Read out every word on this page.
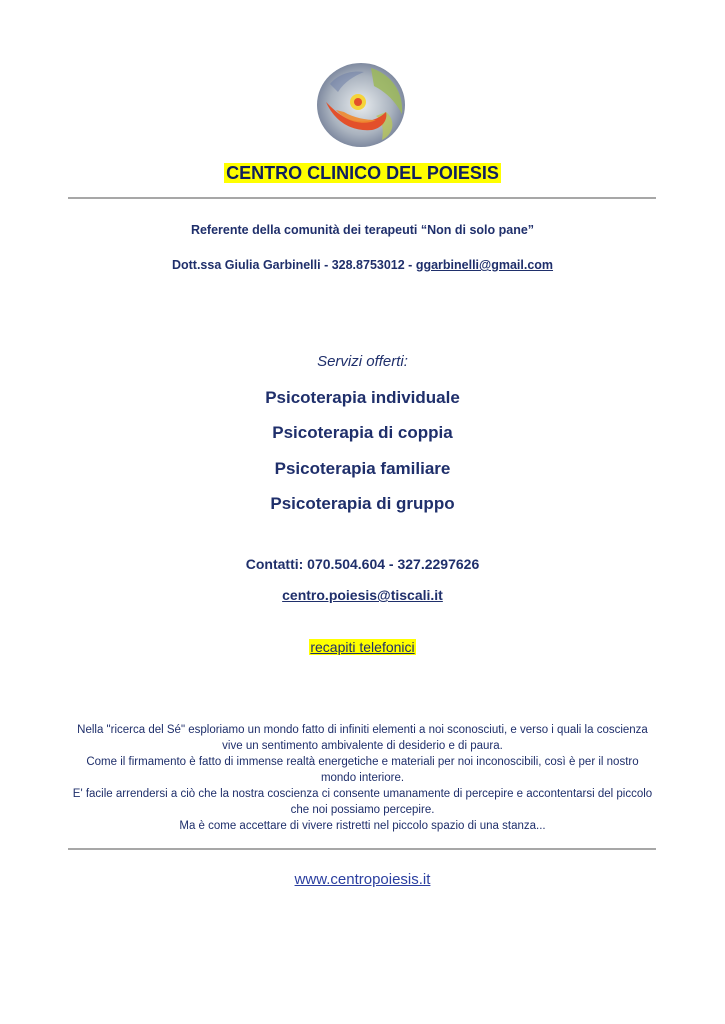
CENTRO CLINICO DEL POIESIS
Referente della comunità dei terapeuti “Non di solo pane”
Dott.ssa Giulia Garbinelli - 328.8753012 - ggarbinelli@gmail.com
Servizi offerti:
Psicoterapia individuale
Psicoterapia di coppia
Psicoterapia familiare
Psicoterapia di gruppo
Contatti: 070.504.604 - 327.2297626
centro.poiesis@tiscali.it
recapiti telefonici

Nella "ricerca del Sé" esploriamo un mondo fatto di infiniti elementi a noi sconosciuti, e verso i quali la coscienza vive un sentimento ambivalente di desiderio e di paura.

Come il firmamento è fatto di immense realtà energetiche e materiali per noi inconoscibili, così è per il nostro mondo interiore.

E' facile arrendersi a ciò che la nostra coscienza ci consente umanamente di percepire e accontentarsi del piccolo che noi possiamo percepire.

Ma è come accettare di vivere ristretti nel piccolo spazio di una stanza...

www.centropoiesis.it
